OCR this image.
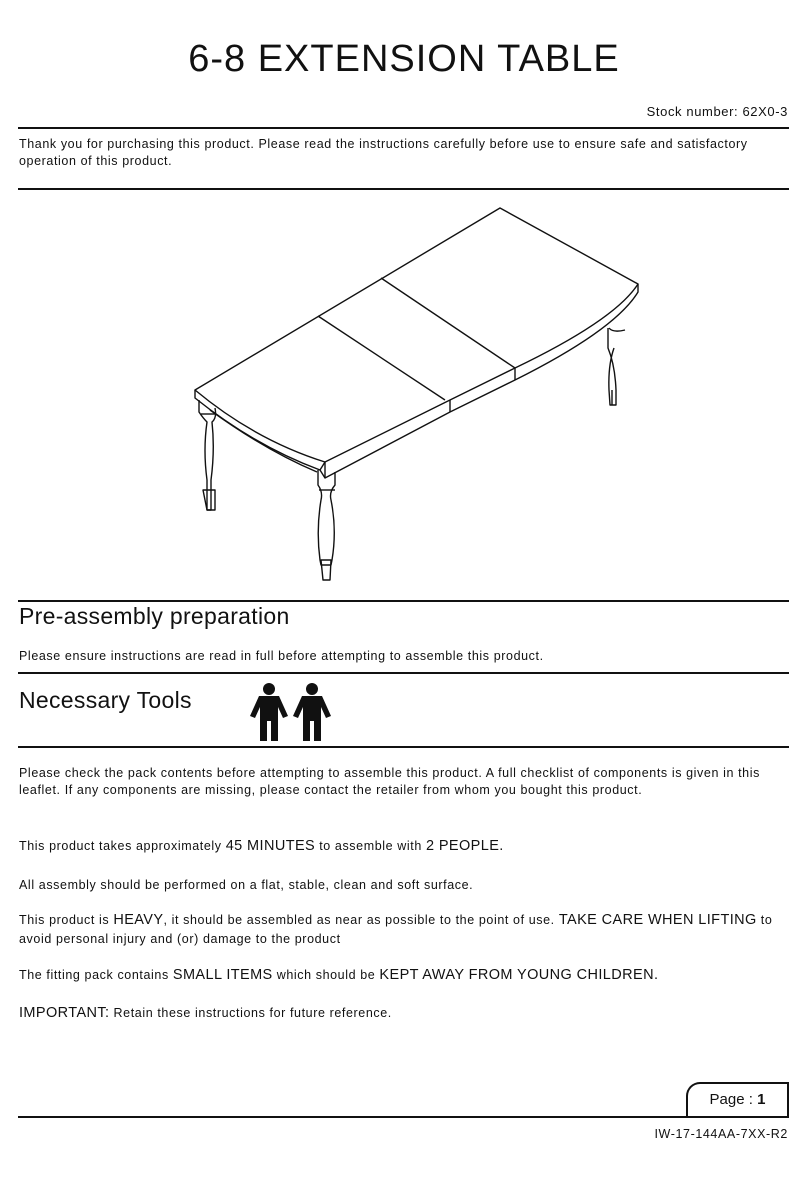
6-8 EXTENSION TABLE
Stock number: 62X0-3
Thank you for purchasing this product. Please read the instructions carefully before use to ensure safe and satisfactory operation of this product.
Pre-assembly preparation
Please ensure instructions are read in full before attempting to assemble this product.
Necessary Tools
Please check the pack contents before attempting to assemble this product. A full checklist of components is given in this leaflet. If any components are missing, please contact the retailer from whom you bought this product.
This product takes approximately 45 MINUTES to assemble with 2 PEOPLE.
All assembly should be performed on a flat, stable, clean and soft surface.
This product is HEAVY, it should be assembled as near as possible to the point of use. TAKE CARE WHEN LIFTING to avoid personal injury and (or) damage to the product
The fitting pack contains SMALL ITEMS which should be KEPT AWAY FROM YOUNG CHILDREN.
IMPORTANT: Retain these instructions for future reference.
Page : 1
IW-17-144AA-7XX-R2
